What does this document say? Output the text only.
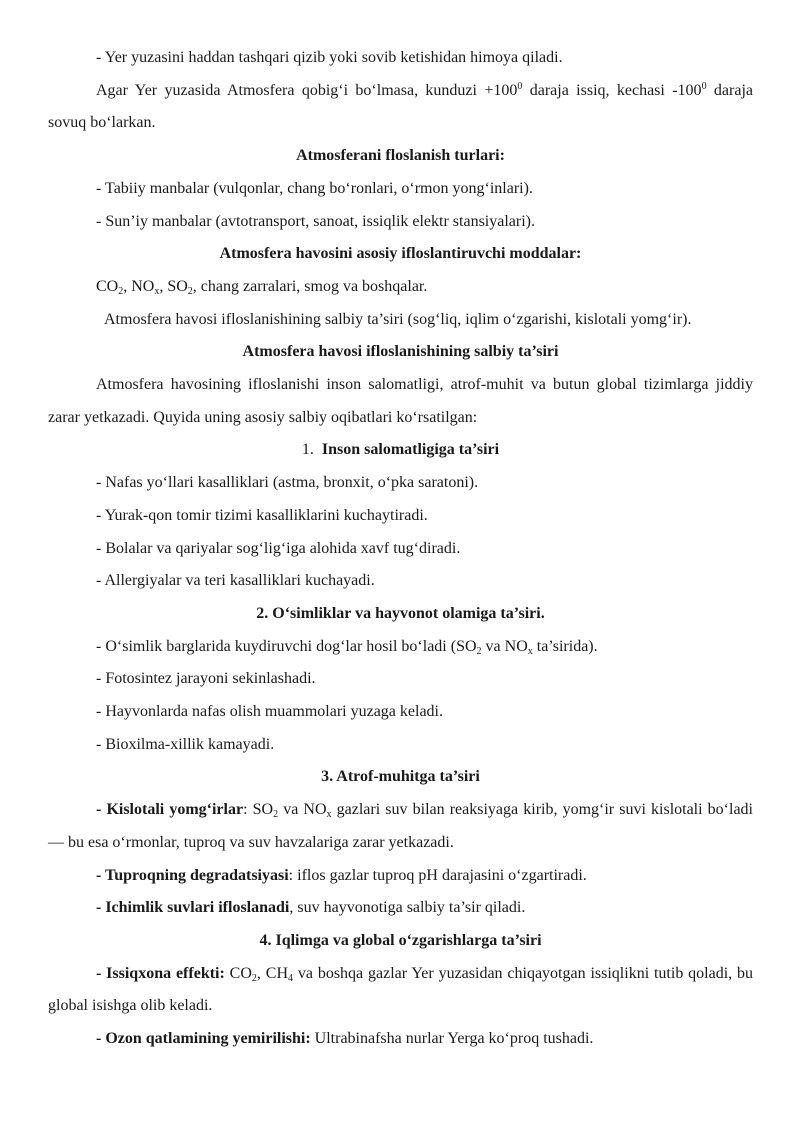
- Yer yuzasini haddan tashqari qizib yoki sovib ketishidan himoya qiladi.

Agar Yer yuzasida Atmosfera qobig‘i bo‘lmasa, kunduzi $+100^0$ daraja issiq, kechasi $-100^0$ daraja sovuq bo‘larkan.

Atmosferani floslanish turlari:

- Tabiiy manbalar (vulqonlar, chang bo‘ronlari, o‘rmon yong‘inlari).

- Sun’iy manbalar (avtotransport, sanoat, issiqlik elektr stansiyalari).

Atmosfera havosini asosiy ifloslantiruvchi moddalar:

$CO_2$, $NO_x$, $SO_2$, chang zarralari, smog va boshqalar.

Atmosfera havosi ifloslanishining salbiy ta’siri (sog‘liq, iqlim o‘zgarishi, kislotali yomg‘ir).

Atmosfera havosi ifloslanishining salbiy ta’siri

Atmosfera havosining ifloslanishi inson salomatligi, atrof-muhit va butun global tizimlarga jiddiy zarar yetkazadi. Quyida uning asosiy salbiy oqibatlari ko‘rsatilgan:

1. Inson salomatligiga ta’siri

- Nafas yo‘llari kasalliklari (astma, bronxit, o‘pka saratoni).

- Yurak-qon tomir tizimi kasalliklarini kuchaytiradi.

- Bolalar va qariyalar sog‘lig‘iga alohida xavf tug‘diradi.

- Allergiyalar va teri kasalliklari kuchayadi.

2. O‘simliklar va hayvonot olamiga ta’siri.

- O‘simlik barglarida kuydiruvchi dog‘lar hosil bo‘ladi ($SO_2$ va $NO_x$ ta’sirida).

- Fotosintez jarayoni sekinlashadi.

- Hayvonlarda nafas olish muammolari yuzaga keladi.

- Bioxilma-xillik kamayadi.

3. Atrof-muhitga ta’siri

- Kislotali yomg‘irlar: $SO_2$ va $NO_x$ gazlari suv bilan reaksiyaga kirib, yomg‘ir suvi kislotali bo‘ladi — bu esa o‘rmonlar, tuproq va suv havzalariga zarar yetkazadi.

- Tuproqning degradatsiyasi: iflos gazlar tuproq pH darajasini o‘zgartiradi.

- Ichimlik suvlari ifloslanadi, suv hayvonotiga salbiy ta’sir qiladi.

4. Iqlimga va global o‘zgarishlarga ta’siri

- Issiqxona effekti: $CO_2$, $CH_4$ va boshqa gazlar Yer yuzasidan chiqayotgan issiqlikni tutib qoladi, bu global isishga olib keladi.

- Ozon qatlamining yemirilishi: Ultrabinafsha nurlar Yerga ko‘proq tushadi.
